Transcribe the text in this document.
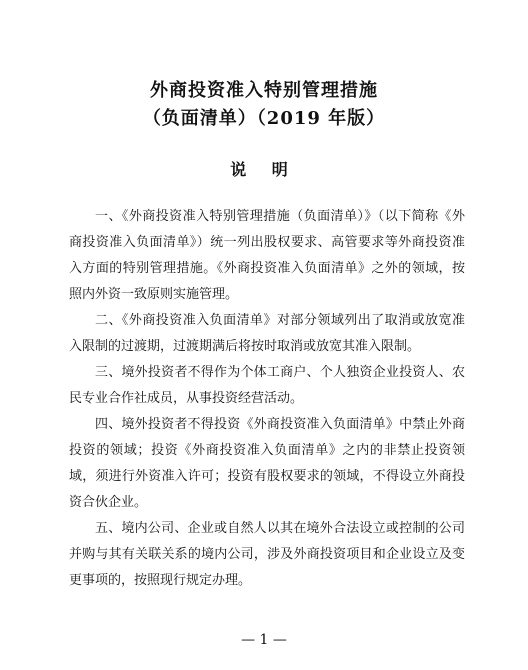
外商投资准入特别管理措施
（负面清单）（2019 年版）
说 明

一、《外商投资准入特别管理措施（负面清单）》（以下简称《外商投资准入负面清单》）统一列出股权要求、高管要求等外商投资准入方面的特别管理措施。《外商投资准入负面清单》之外的领域，按照内外资一致原则实施管理。

二、《外商投资准入负面清单》对部分领域列出了取消或放宽准入限制的过渡期，过渡期满后将按时取消或放宽其准入限制。

三、境外投资者不得作为个体工商户、个人独资企业投资人、农民专业合作社成员，从事投资经营活动。

四、境外投资者不得投资《外商投资准入负面清单》中禁止外商投资的领域；投资《外商投资准入负面清单》之内的非禁止投资领域，须进行外资准入许可；投资有股权要求的领域，不得设立外商投资合伙企业。

五、境内公司、企业或自然人以其在境外合法设立或控制的公司并购与其有关联关系的境内公司，涉及外商投资项目和企业设立及变更事项的，按照现行规定办理。

— 1 —
